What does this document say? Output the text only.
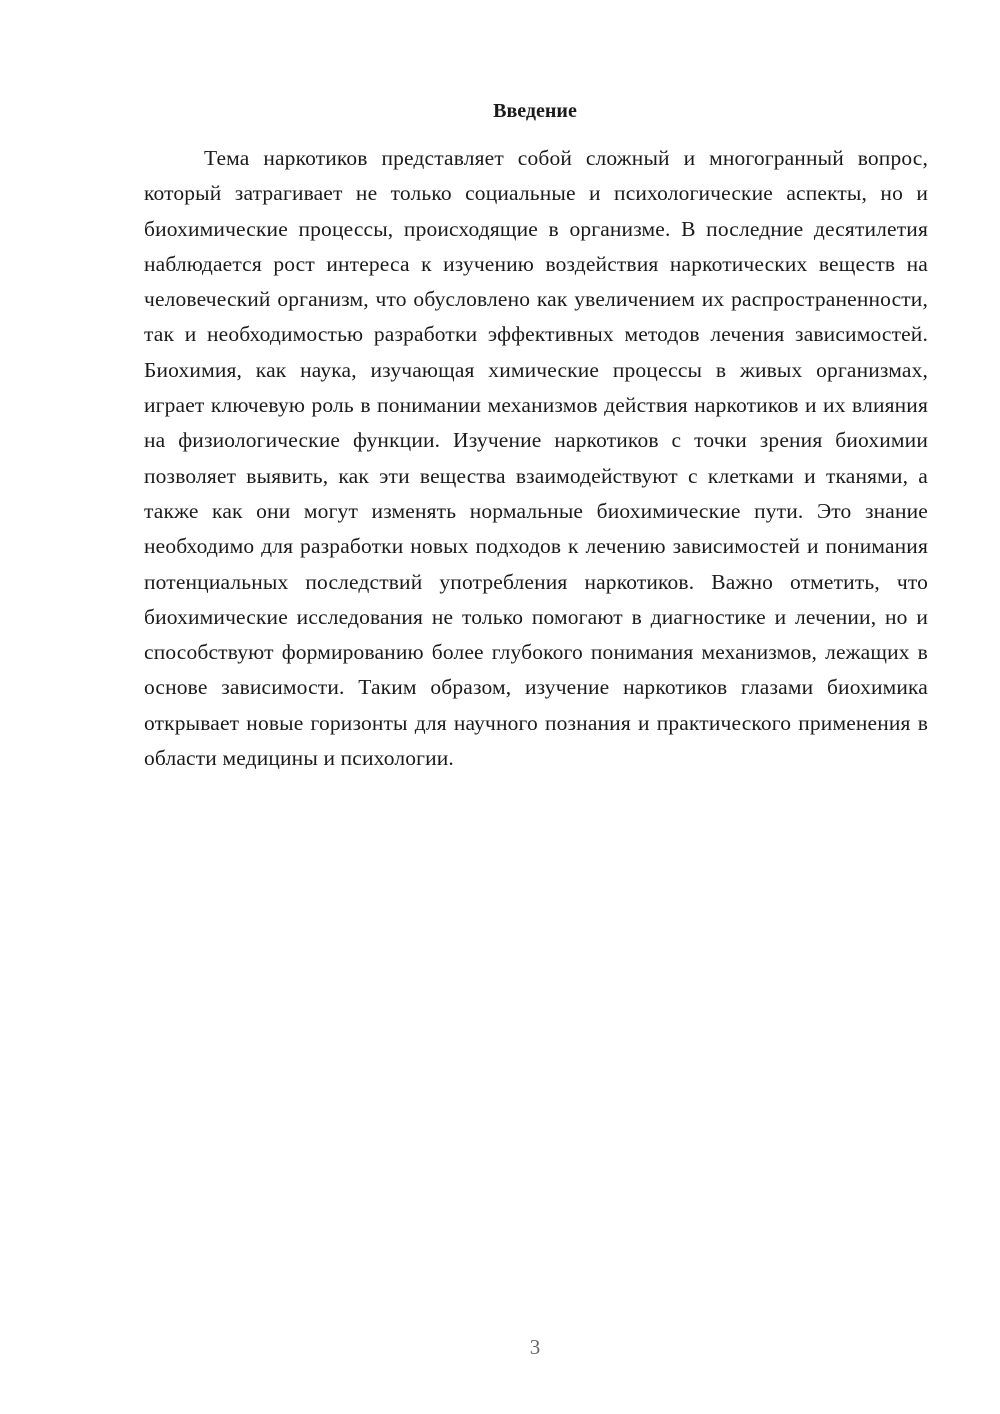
Введение

Тема наркотиков представляет собой сложный и многогранный вопрос, который затрагивает не только социальные и психологические аспекты, но и биохимические процессы, происходящие в организме. В последние десятилетия наблюдается рост интереса к изучению воздействия наркотических веществ на человеческий организм, что обусловлено как увеличением их распространенности, так и необходимостью разработки эффективных методов лечения зависимостей. Биохимия, как наука, изучающая химические процессы в живых организмах, играет ключевую роль в понимании механизмов действия наркотиков и их влияния на физиологические функции. Изучение наркотиков с точки зрения биохимии позволяет выявить, как эти вещества взаимодействуют с клетками и тканями, а также как они могут изменять нормальные биохимические пути. Это знание необходимо для разработки новых подходов к лечению зависимостей и понимания потенциальных последствий употребления наркотиков. Важно отметить, что биохимические исследования не только помогают в диагностике и лечении, но и способствуют формированию более глубокого понимания механизмов, лежащих в основе зависимости. Таким образом, изучение наркотиков глазами биохимика открывает новые горизонты для научного познания и практического применения в области медицины и психологии.

3
